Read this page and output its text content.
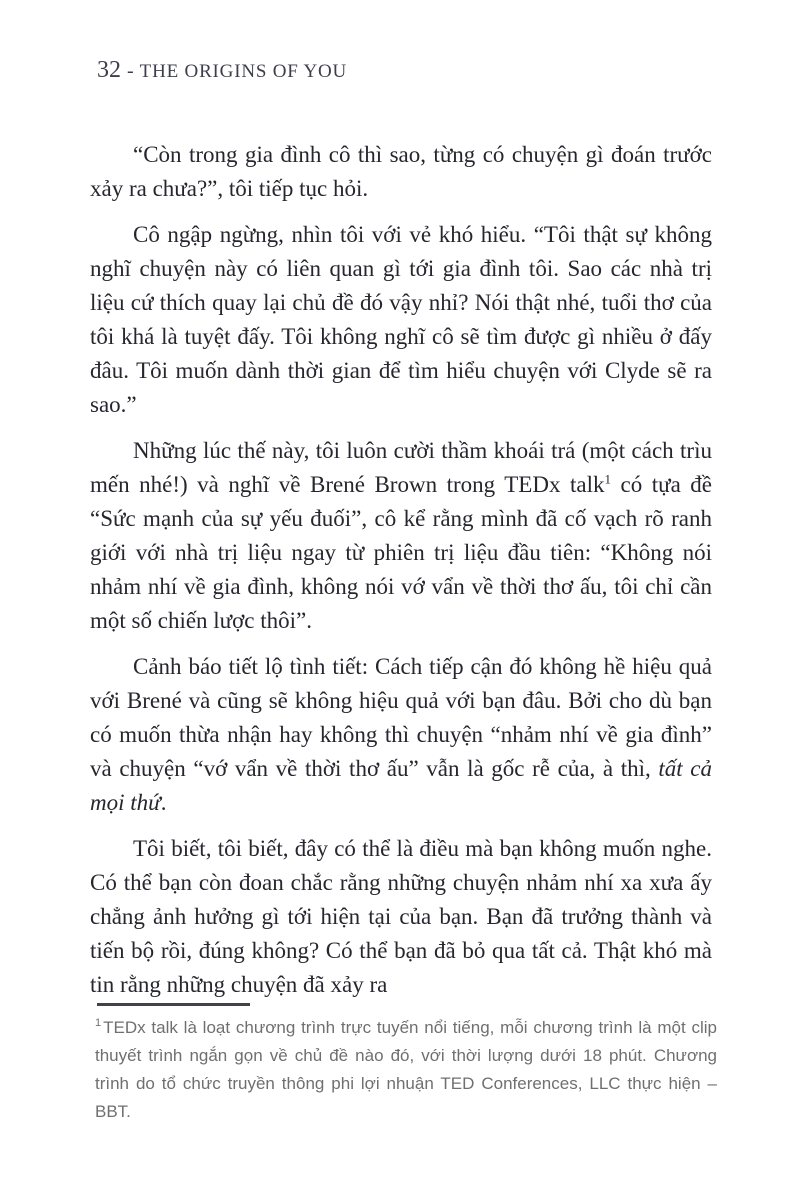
32 - THE ORIGINS OF YOU

“Còn trong gia đình cô thì sao, từng có chuyện gì đoán trước xảy ra chưa?”, tôi tiếp tục hỏi.

Cô ngập ngừng, nhìn tôi với vẻ khó hiểu. “Tôi thật sự không nghĩ chuyện này có liên quan gì tới gia đình tôi. Sao các nhà trị liệu cứ thích quay lại chủ đề đó vậy nhỉ? Nói thật nhé, tuổi thơ của tôi khá là tuyệt đấy. Tôi không nghĩ cô sẽ tìm được gì nhiều ở đấy đâu. Tôi muốn dành thời gian để tìm hiểu chuyện với Clyde sẽ ra sao.”

Những lúc thế này, tôi luôn cười thầm khoái trá (một cách trìu mến nhé!) và nghĩ về Brené Brown trong TEDx talk$^1$ có tựa đề “Sức mạnh của sự yếu đuối”, cô kể rằng mình đã cố vạch rõ ranh giới với nhà trị liệu ngay từ phiên trị liệu đầu tiên: “Không nói nhảm nhí về gia đình, không nói vớ vẩn về thời thơ ấu, tôi chỉ cần một số chiến lược thôi”.

Cảnh báo tiết lộ tình tiết: Cách tiếp cận đó không hề hiệu quả với Brené và cũng sẽ không hiệu quả với bạn đâu. Bởi cho dù bạn có muốn thừa nhận hay không thì chuyện “nhảm nhí về gia đình” và chuyện “vớ vẩn về thời thơ ấu” vẫn là gốc rễ của, à thì, tất cả mọi thứ.

Tôi biết, tôi biết, đây có thể là điều mà bạn không muốn nghe. Có thể bạn còn đoan chắc rằng những chuyện nhảm nhí xa xưa ấy chẳng ảnh hưởng gì tới hiện tại của bạn. Bạn đã trưởng thành và tiến bộ rồi, đúng không? Có thể bạn đã bỏ qua tất cả. Thật khó mà tin rằng những chuyện đã xảy ra

$^1$ TEDx talk là loạt chương trình trực tuyến nổi tiếng, mỗi chương trình là một clip thuyết trình ngắn gọn về chủ đề nào đó, với thời lượng dưới 18 phút. Chương trình do tổ chức truyền thông phi lợi nhuận TED Conferences, LLC thực hiện – BBT.
